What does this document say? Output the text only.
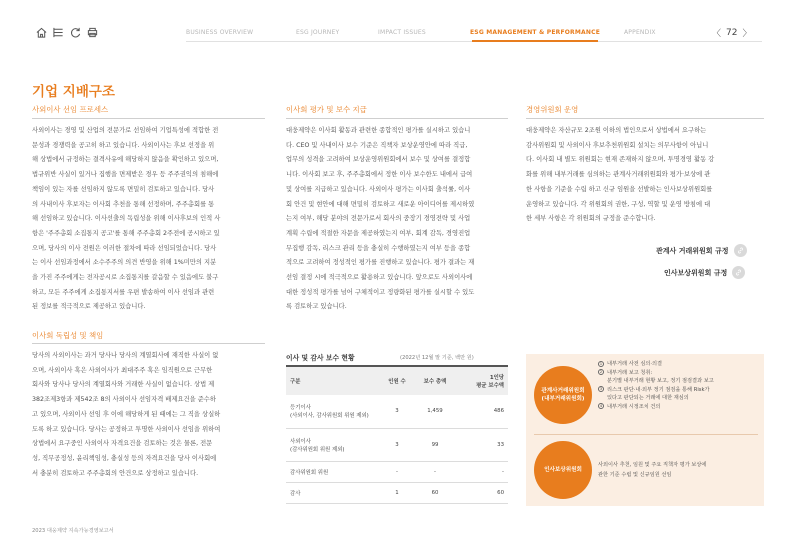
BUSINESS OVERVIEW	ESG JOURNEY	IMPACT ISSUES	ESG MANAGEMENT & PERFORMANCE	APPENDIX	〈 72 〉
기업 지배구조
사외이사 선임 프로세스
사외이사는 경영 및 산업의 전문가로 선임하여 기업특성에 적합한 전
문성과 경쟁력을 공고히 하고 있습니다. 사외이사는 후보 선정을 위
해 상법에서 규정하는 결격사유에 해당하지 않음을 확인하고 있으며,
법규위반 사실이 있거나 집행을 면제받은 경우 등 주주권익의 침해에
책임이 있는 자를 선임하지 않도록 면밀히 검토하고 있습니다. 당사
의 사내이사 후보자는 이사회 추천을 통해 선정하며, 주주총회를 통
해 선임하고 있습니다. 이사선출의 독립성을 위해 이사후보의 인적 사
항은 '주주총회 소집통지 공고'를 통해 주주총회 2주전에 공시하고 있
으며, 당사의 이사 전원은 이러한 절차에 따라 선임되었습니다. 당사
는 이사 선임과정에서 소수주주의 의견 반영을 위해 1%미만의 지분
을 가진 주주에게는 전자공시로 소집통지를 갈음할 수 있음에도 불구
하고, 모든 주주에게 소집통지서를 우편 발송하여 이사 선임과 관련
된 정보를 적극적으로 제공하고 있습니다.
이사회 독립성 및 책임
당사의 사외이사는 과거 당사나 당사의 계열회사에 재직한 사실이 없
으며, 사외이사 혹은 사외이사가 최대주주 혹은 임직원으로 근무한
회사와 당사나 당사의 계열회사와 거래한 사실이 없습니다. 상법 제
382조제3항과 제542조 8의 사외이사 선임자격 배제요건을 준수하
고 있으며, 사외이사 선임 후 이에 해당하게 된 때에는 그 직을 상실하
도록 하고 있습니다. 당사는 공정하고 투명한 사외이사 선임을 위하여
상법에서 요구중인 사외이사 자격요건을 검토하는 것은 물론, 전문
성, 직무공정성, 윤리책임성, 충실성 등의 자격요건을 당사 이사회에
서 충분히 검토하고 주주총회의 안건으로 상정하고 있습니다.
이사회 평가 및 보수 지급
대웅제약은 이사회 활동과 관련한 종합적인 평가를 실시하고 있습니
다. CEO 및 사내이사 보수 기준은 직책자 보상운영안에 따라 직급,
업무의 성격을 고려하여 보상운영위원회에서 보수 및 상여를 결정합
니다. 이사회 보고 후, 주주총회에서 정한 이사 보수한도 내에서 급여
및 상여를 지급하고 있습니다. 사외이사 평가는 이사회 출석률, 이사
회 안건 및 현안에 대해 면밀히 검토하고 새로운 아이디어를 제시하였
는지 여부, 해당 분야의 전문가로서 회사의 중장기 경영전략 및 사업
계획 수립에 적절한 자문을 제공하였는지 여부, 회계 감독, 경영진업
무집행 감독, 리스크 관리 등을 충실히 수행하였는지 여부 등을 종합
적으로 고려하여 정성적인 평가를 진행하고 있습니다. 평가 결과는 재
선임 결정 시에 적극적으로 활용하고 있습니다. 앞으로도 사외이사에
대한 정성적 평가를 넘어 구체적이고 정량화된 평가를 실시할 수 있도
록 검토하고 있습니다.
이사 및 감사 보수 현황	(2022년 12월 말 기준, 백만 원)
구분	인원 수	보수 총액	1인당
평균 보수액

등기이사
(사외이사, 감사위원회 위원 제외)	3	1,459	486

사외이사
(감사위원회 위원 제외)	3	99	33
감사위원회 위원	-	-	-
감사	1	60	60
경영위원회 운영
대웅제약은 자산규모 2조원 이하의 법인으로서 상법에서 요구하는
감사위원회 및 사외이사 후보추천위원회 설치는 의무사항이 아닙니
다. 이사회 내 별도 위원회는 현재 존재하지 않으며, 투명경영 활동 강
화를 위해 내부거래를 심의하는 관계사거래위원회와 평가·보상에 관
한 사항을 기준을 수립 하고 신규 임원을 선발하는 인사보상위원회를
운영하고 있습니다. 각 위원회의 권한, 구성, 역할 및 운영 방침에 대
한 세부 사항은 각 위원회의 규정을 준수합니다.
관계사 거래위원회 규정
인사보상위원회 규정
관계사거래위원회
(내부거래위원회)
1 내부거래 사전 심의·의결
2 내부거래 보고 청취:
분기별 내부거래 현황 보고, 정기 점검결과 보고
3 리스크 판단·내·외부 정기 점검을 통해 Risk가
있다고 판단되는 거래에 대한 재심의
4 내부거래 시정조치 건의
인사보상위원회
사외이사 추천, 임원 및 주요 직책자 평가 보상에
관한 기준 수립 및 신규임원 선임
2023 대웅제약 지속가능경영보고서
